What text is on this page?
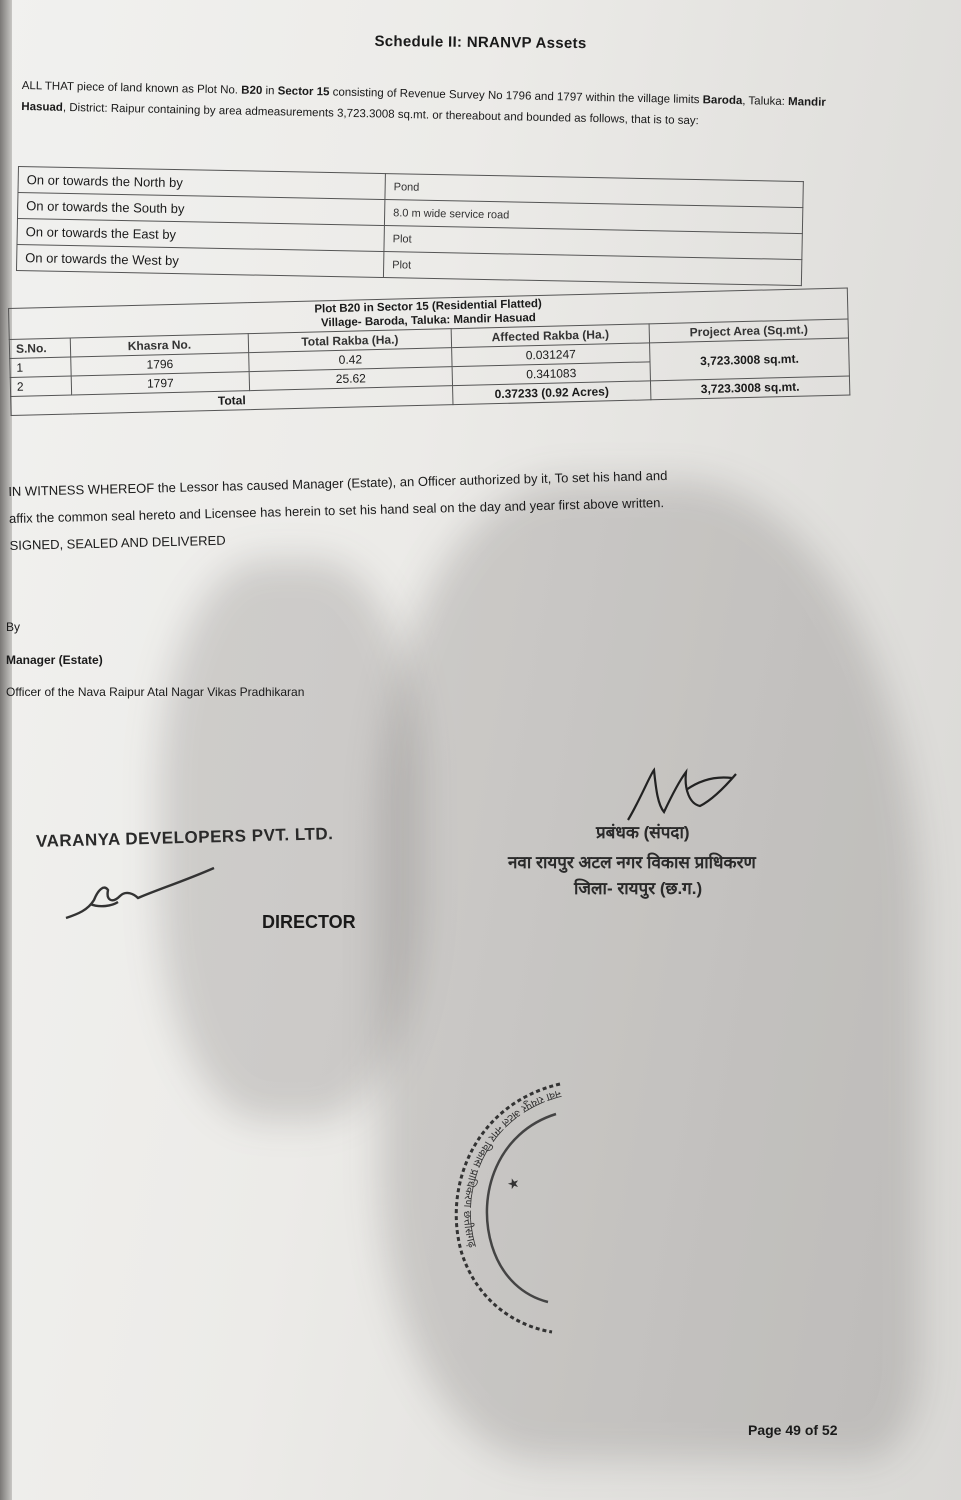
Schedule II: NRANVP Assets
ALL THAT piece of land known as Plot No. B20 in Sector 15 consisting of Revenue Survey No 1796 and 1797 within the village limits Baroda, Taluka: Mandir Hasuad, District: Raipur containing by area admeasurements 3,723.3008 sq.mt. or thereabout and bounded as follows, that is to say:
On or towards the North by	Pond
On or towards the South by	8.0 m wide service road
On or towards the East by	Plot
On or towards the West by	Plot
Plot B20 in Sector 15 (Residential Flatted)
Village- Baroda, Taluka: Mandir Hasuad				

S.No.	Khasra No.	Total Rakba (Ha.)	Affected Rakba (Ha.)	Project Area (Sq.mt.)
1	1796	0.42	0.031247	3,723.3008 sq.mt.
2	1797	25.62	0.341083	
Total			0.37233 (0.92 Acres)	3,723.3008 sq.mt.
IN WITNESS WHEREOF the Lessor has caused Manager (Estate), an Officer authorized by it, To set his hand and
affix the common seal hereto and Licensee has herein to set his hand seal on the day and year first above written.
SIGNED, SEALED AND DELIVERED
By
Manager (Estate)
Officer of the Nava Raipur Atal Nagar Vikas Pradhikaran
प्रबंधक (संपदा)
नवा रायपुर अटल नगर विकास प्राधिकरण
जिला- रायपुर (छ.ग.)
VARANYA DEVELOPERS PVT. LTD.
DIRECTOR
नवा रायपुर अटल नगर विकास प्राधिकरण छत्तीसगढ़
★
Page 49 of 52
